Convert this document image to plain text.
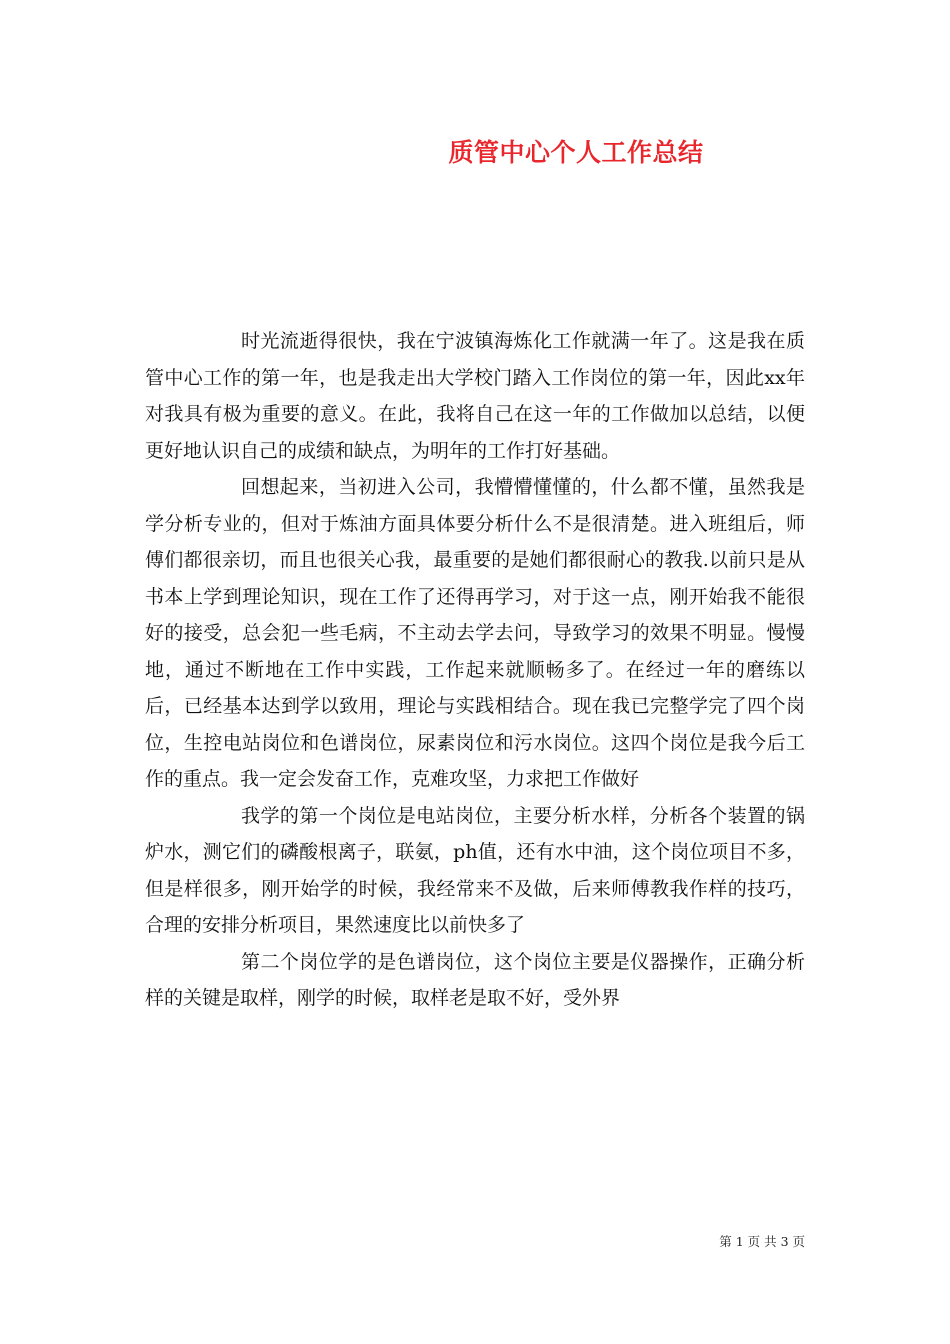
质管中心个人工作总结

时光流逝得很快，我在宁波镇海炼化工作就满一年了。这是我在质管中心工作的第一年，也是我走出大学校门踏入工作岗位的第一年，因此xx年对我具有极为重要的意义。在此，我将自己在这一年的工作做加以总结，以便更好地认识自己的成绩和缺点，为明年的工作打好基础。

回想起来，当初进入公司，我懵懵懂懂的，什么都不懂，虽然我是学分析专业的，但对于炼油方面具体要分析什么不是很清楚。进入班组后，师傅们都很亲切，而且也很关心我，最重要的是她们都很耐心的教我.以前只是从书本上学到理论知识，现在工作了还得再学习，对于这一点，刚开始我不能很好的接受，总会犯一些毛病，不主动去学去问，导致学习的效果不明显。慢慢地，通过不断地在工作中实践，工作起来就顺畅多了。在经过一年的磨练以后，已经基本达到学以致用，理论与实践相结合。现在我已完整学完了四个岗位，生控电站岗位和色谱岗位，尿素岗位和污水岗位。这四个岗位是我今后工作的重点。我一定会发奋工作，克难攻坚，力求把工作做好

我学的第一个岗位是电站岗位，主要分析水样，分析各个装置的锅炉水，测它们的磷酸根离子，联氨，ph值，还有水中油，这个岗位项目不多，但是样很多，刚开始学的时候，我经常来不及做，后来师傅教我作样的技巧，合理的安排分析项目，果然速度比以前快多了

第二个岗位学的是色谱岗位，这个岗位主要是仪器操作，正确分析样的关键是取样，刚学的时候，取样老是取不好，受外界

第 1 页 共 3 页
